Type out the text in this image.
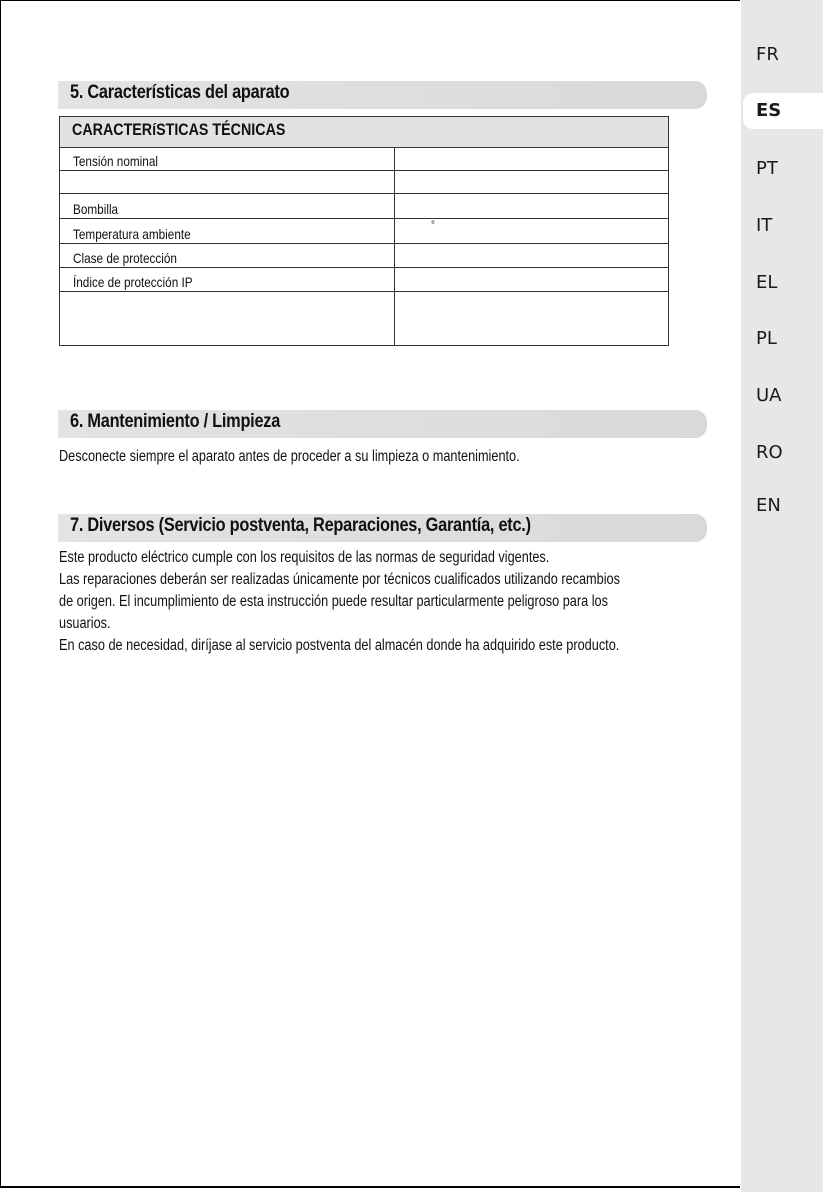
FR
ES
PT
IT
EL
PL
UA
RO
EN
5. Características del aparato
CARACTERíSTICAS TÉCNICAS
Tensión nominal
Bombilla
Temperatura ambiente
°
Clase de protección
Índice de protección IP
6. Mantenimiento / Limpieza
Desconecte siempre el aparato antes de proceder a su limpieza o mantenimiento.
7. Diversos (Servicio postventa, Reparaciones, Garantía, etc.)
Este producto eléctrico cumple con los requisitos de las normas de seguridad vigentes.
Las reparaciones deberán ser realizadas únicamente por técnicos cualificados utilizando recambios
de origen. El incumplimiento de esta instrucción puede resultar particularmente peligroso para los
usuarios.
En caso de necesidad, diríjase al servicio postventa del almacén donde ha adquirido este producto.
